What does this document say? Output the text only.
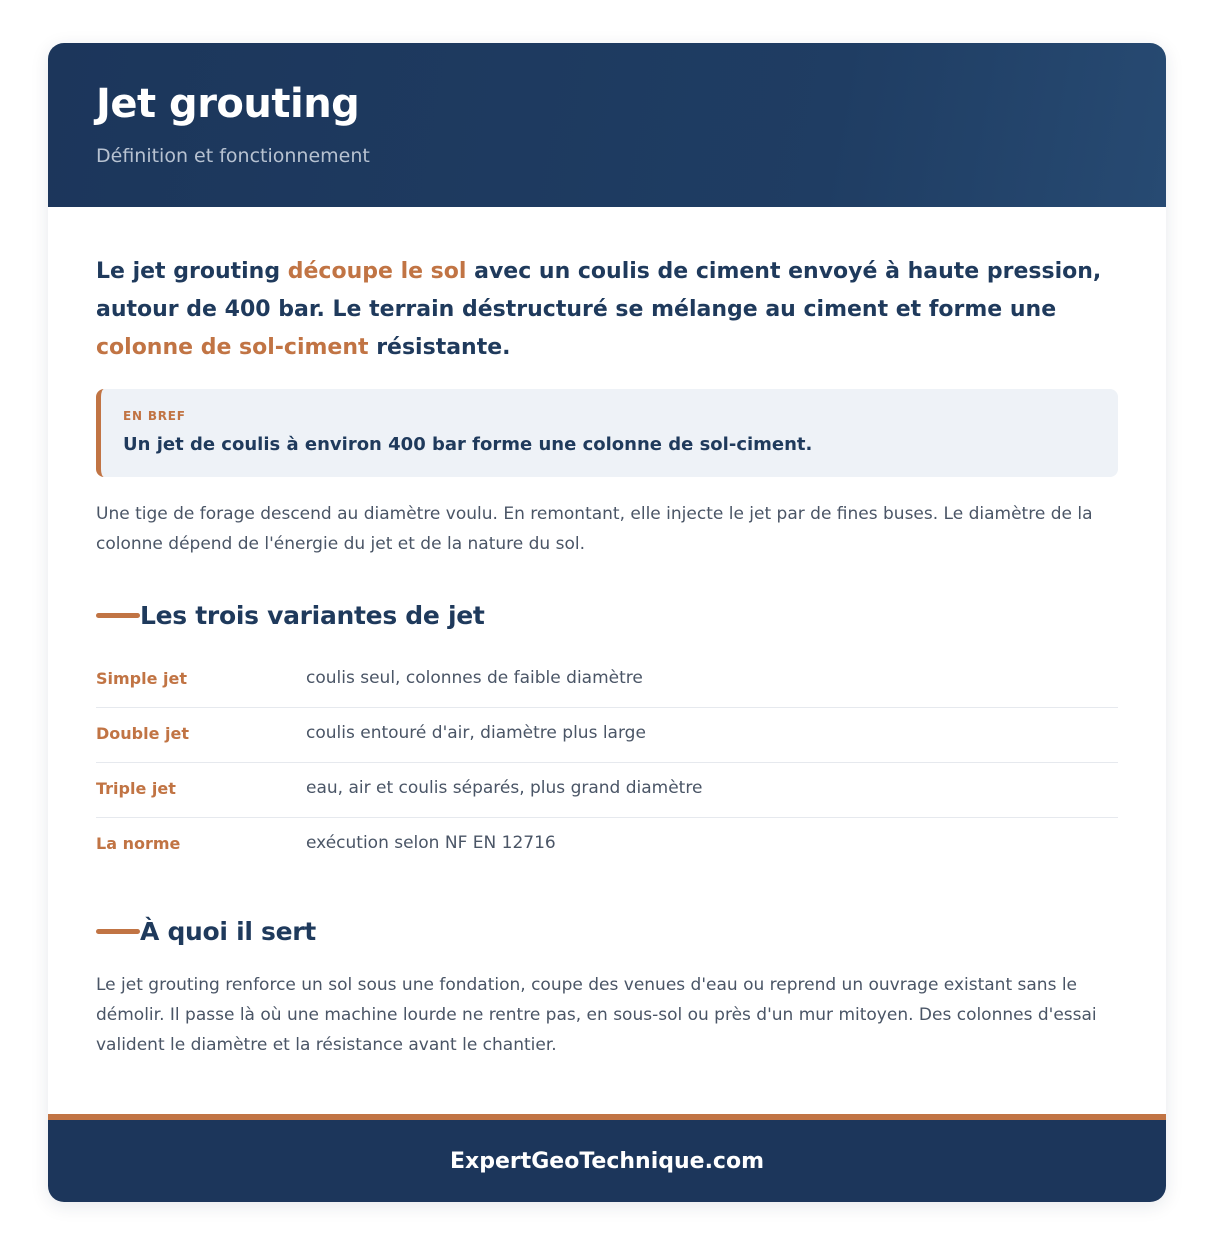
Jet grouting
Définition et fonctionnement

Le jet grouting découpe le sol avec un coulis de ciment envoyé à haute pression, autour de 400 bar. Le terrain déstructuré se mélange au ciment et forme une colonne de sol-ciment résistante.

EN BREF
Un jet de coulis à environ 400 bar forme une colonne de sol-ciment.

Une tige de forage descend au diamètre voulu. En remontant, elle injecte le jet par de fines buses. Le diamètre de la colonne dépend de l'énergie du jet et de la nature du sol.

Les trois variantes de jet
Simple jet	coulis seul, colonnes de faible diamètre
Double jet	coulis entouré d'air, diamètre plus large
Triple jet	eau, air et coulis séparés, plus grand diamètre
La norme	exécution selon NF EN 12716
À quoi il sert

Le jet grouting renforce un sol sous une fondation, coupe des venues d'eau ou reprend un ouvrage existant sans le démolir. Il passe là où une machine lourde ne rentre pas, en sous-sol ou près d'un mur mitoyen. Des colonnes d'essai valident le diamètre et la résistance avant le chantier.

ExpertGeoTechnique.com
